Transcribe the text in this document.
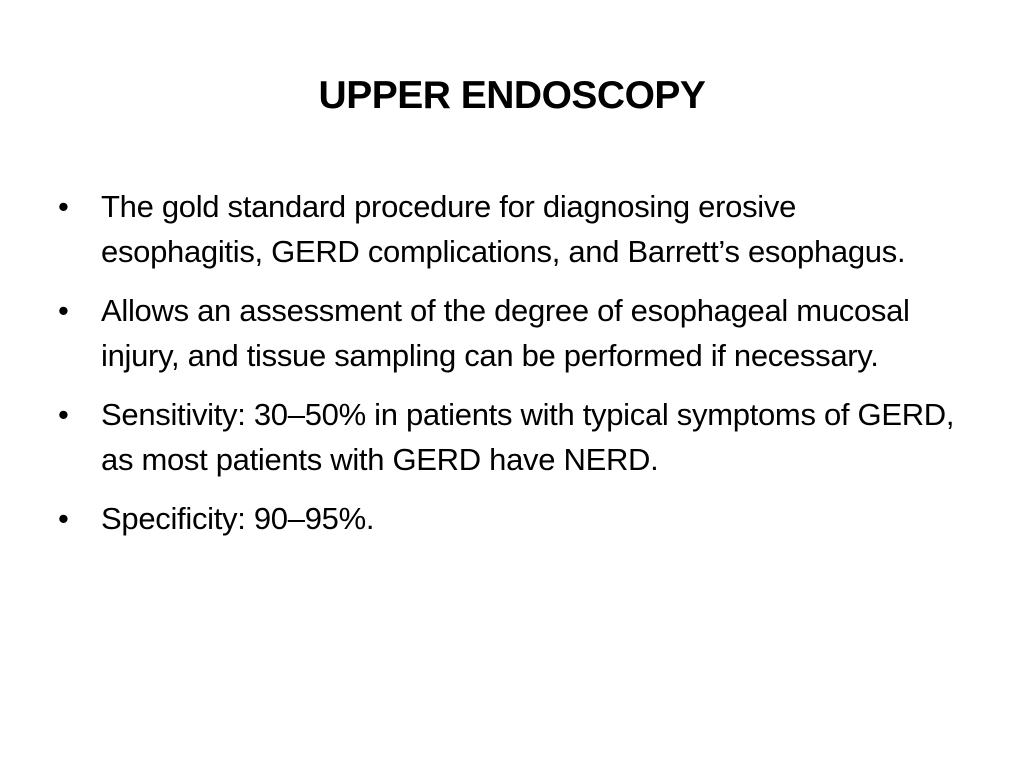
UPPER ENDOSCOPY
•	The gold standard procedure for diagnosing erosive esophagitis, GERD complications, and Barrett’s esophagus.
•	Allows an assessment of the degree of esophageal mucosal injury, and tissue sampling can be performed if necessary.
•	Sensitivity: 30–50% in patients with typical symptoms of GERD, as most patients with GERD have NERD.
•	Specificity: 90–95%.
